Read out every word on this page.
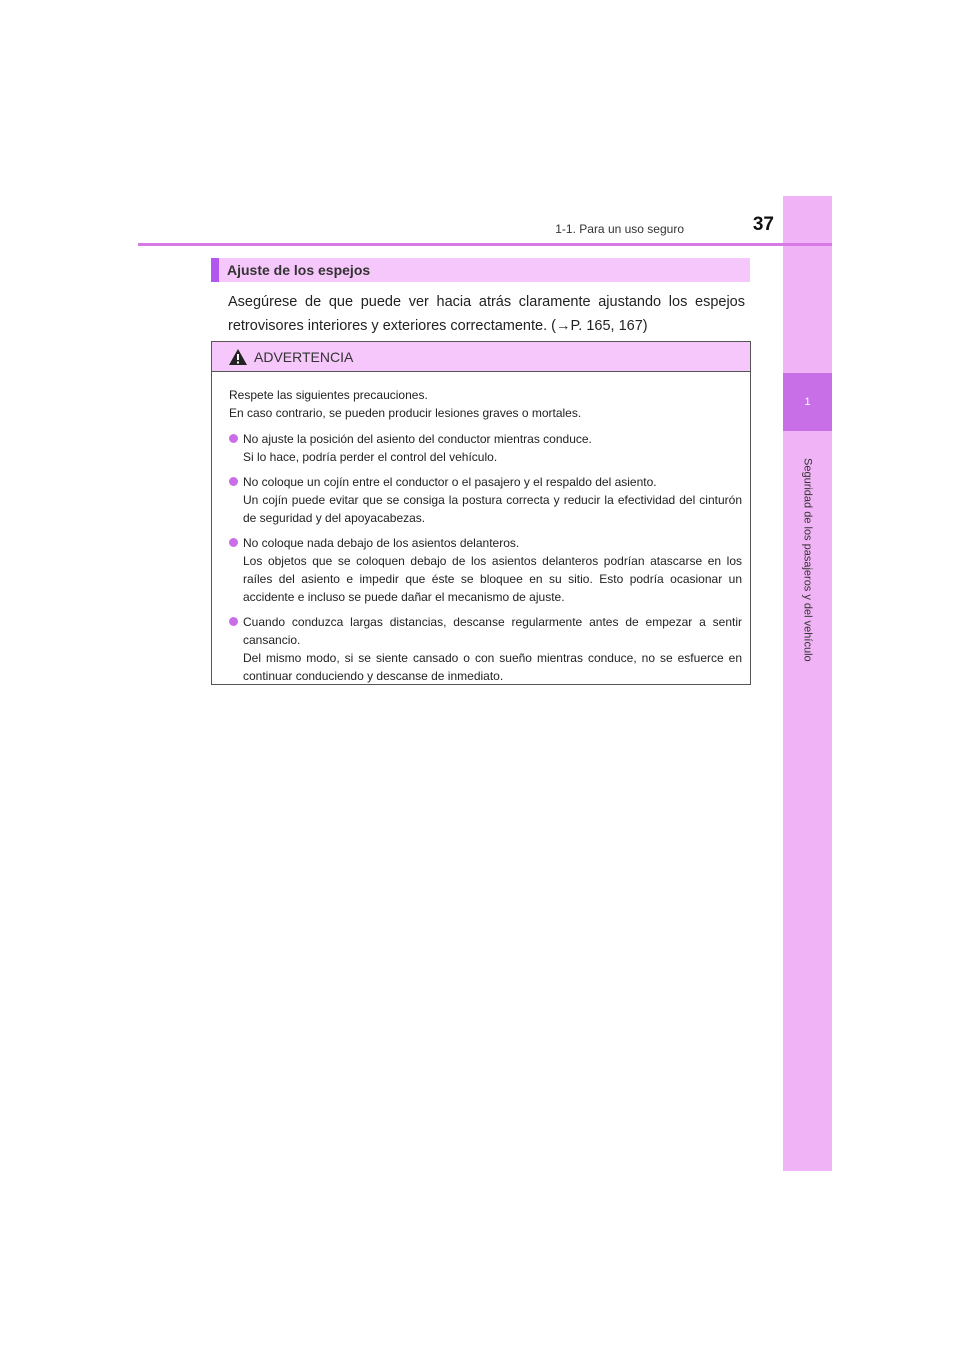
1
Seguridad de los pasajeros y del vehículo
1-1. Para un uso seguro	37
Ajuste de los espejos
Asegúrese de que puede ver hacia atrás claramente ajustando los espejos retrovisores interiores y exteriores correctamente. (→P. 165, 167)
ADVERTENCIA
Respete las siguientes precauciones.
En caso contrario, se pueden producir lesiones graves o mortales.
No ajuste la posición del asiento del conductor mientras conduce.
Si lo hace, podría perder el control del vehículo.
No coloque un cojín entre el conductor o el pasajero y el respaldo del asiento.
Un cojín puede evitar que se consiga la postura correcta y reducir la efectividad del cinturón de seguridad y del apoyacabezas.
No coloque nada debajo de los asientos delanteros.
Los objetos que se coloquen debajo de los asientos delanteros podrían atascarse en los raíles del asiento e impedir que éste se bloquee en su sitio. Esto podría ocasionar un accidente e incluso se puede dañar el mecanismo de ajuste.
Cuando conduzca largas distancias, descanse regularmente antes de empezar a sentir cansancio.
Del mismo modo, si se siente cansado o con sueño mientras conduce, no se esfuerce en continuar conduciendo y descanse de inmediato.
